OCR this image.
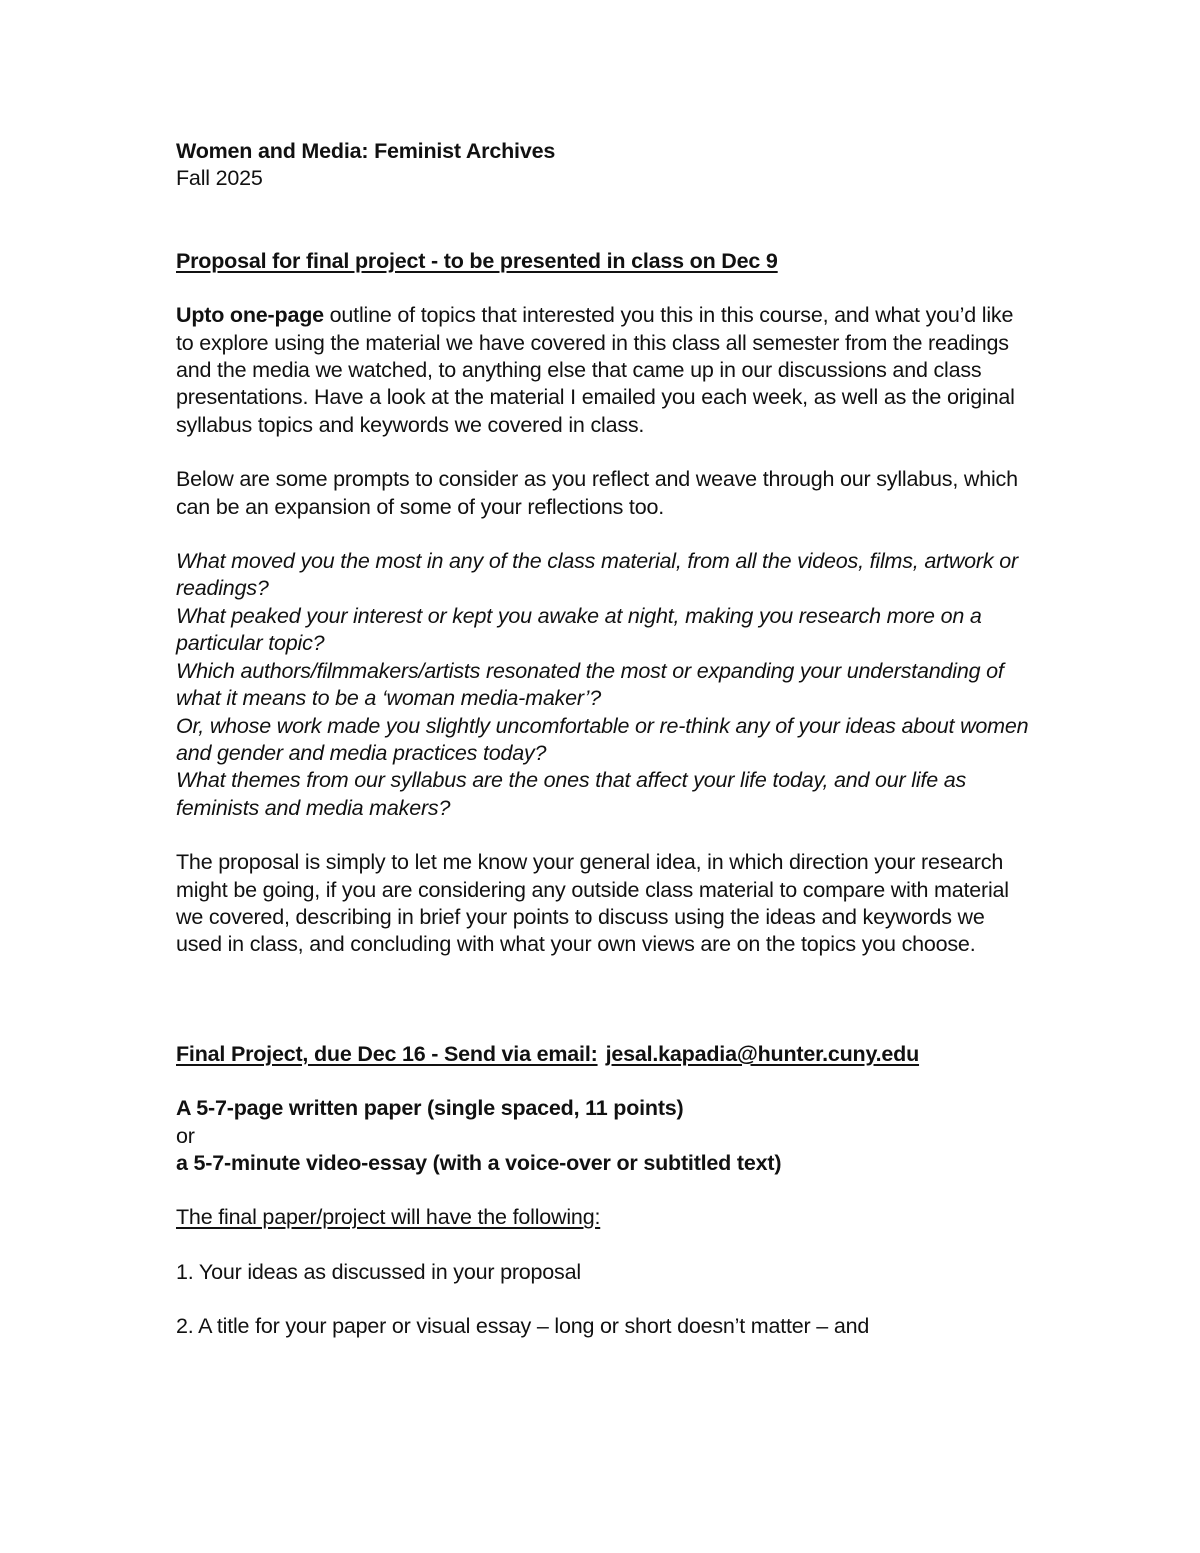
Women and Media: Feminist Archives

Fall 2025

Proposal for final project - to be presented in class on Dec 9

Upto one-page outline of topics that interested you this in this course, and what you’d like to explore using the material we have covered in this class all semester from the readings and the media we watched, to anything else that came up in our discussions and class presentations. Have a look at the material I emailed you each week, as well as the original syllabus topics and keywords we covered in class.

Below are some prompts to consider as you reflect and weave through our syllabus, which can be an expansion of some of your reflections too.

What moved you the most in any of the class material, from all the videos, films, artwork or readings?

What peaked your interest or kept you awake at night, making you research more on a particular topic?

Which authors/filmmakers/artists resonated the most or expanding your understanding of what it means to be a ‘woman media-maker’?

Or, whose work made you slightly uncomfortable or re-think any of your ideas about women and gender and media practices today?

What themes from our syllabus are the ones that affect your life today, and our life as feminists and media makers?

The proposal is simply to let me know your general idea, in which direction your research might be going, if you are considering any outside class material to compare with material we covered, describing in brief your points to discuss using the ideas and keywords we used in class, and concluding with what your own views are on the topics you choose.

Final Project, due Dec 16 - Send via email: jesal.kapadia@hunter.cuny.edu

A 5-7-page written paper (single spaced, 11 points)

or

a 5-7-minute video-essay (with a voice-over or subtitled text)

The final paper/project will have the following:

1. Your ideas as discussed in your proposal

2. A title for your paper or visual essay – long or short doesn’t matter – and
